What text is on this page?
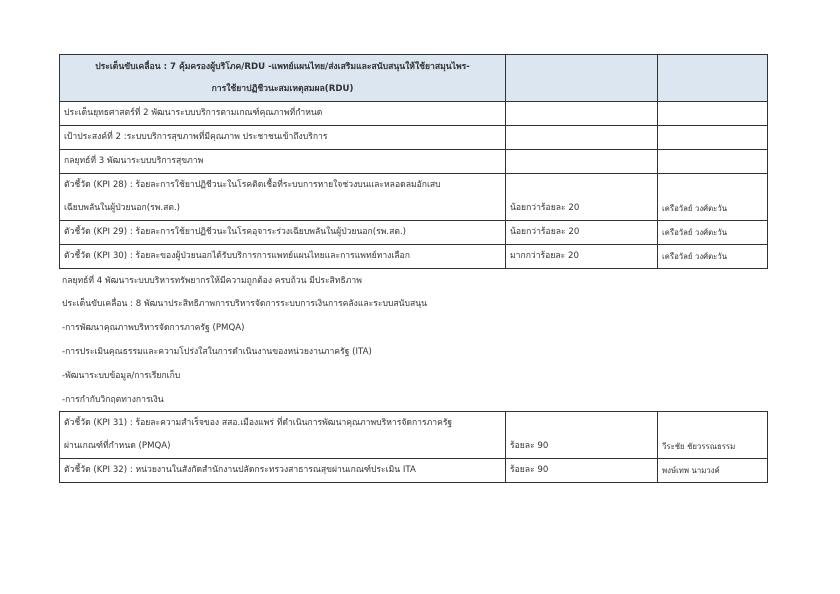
ประเด็นขับเคลื่อน : 7 คุ้มครองผู้บริโภค/RDU -แพทย์แผนไทย/ส่งเสริมและสนับสนุนให้ใช้ยาสมุนไพร-
การใช้ยาปฏิชีวนะสมเหตุสมผล(RDU)		

ประเด็นยุทธศาสตร์ที่ 2 พัฒนาระบบบริการตามเกณฑ์คุณภาพที่กำหนด		
เป้าประสงค์ที่ 2 :ระบบบริการสุขภาพที่มีคุณภาพ ประชาชนเข้าถึงบริการ		
กลยุทธ์ที่ 3 พัฒนาระบบบริการสุขภาพ		

ตัวชี้วัด (KPI 28) : ร้อยละการใช้ยาปฏิชีวนะในโรคติดเชื้อที่ระบบการหายใจช่วงบนและหลอดลมอักเสบ
เฉียบพลันในผู้ป่วยนอก(รพ.สต.)	น้อยกว่าร้อยละ 20	เครือวัลย์ วงศ์ตะวัน
ตัวชี้วัด (KPI 29) : ร้อยละการใช้ยาปฏิชีวนะในโรคอุจาระร่วงเฉียบพลันในผู้ป่วยนอก(รพ.สต.)	น้อยกว่าร้อยละ 20	เครือวัลย์ วงศ์ตะวัน
ตัวชี้วัด (KPI 30) : ร้อยละของผู้ป่วยนอกได้รับบริการการแพทย์แผนไทยและการแพทย์ทางเลือก	มากกว่าร้อยละ 20	เครือวัลย์ วงศ์ตะวัน
กลยุทธ์ที่ 4 พัฒนาระบบบริหารทรัพยากรให้มีความถูกต้อง ครบถ้วน มีประสิทธิภาพ
ประเด็นขับเคลื่อน : 8 พัฒนาประสิทธิภาพการบริหารจัดการระบบการเงินการคลังและระบบสนับสนุน
-การพัฒนาคุณภาพบริหารจัดการภาครัฐ (PMQA)
-การประเมินคุณธรรมและความโปร่งใสในการดำเนินงานของหน่วยงานภาครัฐ (ITA)
-พัฒนาระบบข้อมูล/การเรียกเก็บ
-การกำกับวิกฤตทางการเงิน
ตัวชี้วัด (KPI 31) : ร้อยละความสำเร็จของ สสอ.เมืองแพร่ ที่ดำเนินการพัฒนาคุณภาพบริหารจัดการภาครัฐ
ผ่านเกณฑ์ที่กำหนด (PMQA)	ร้อยละ 90	วีระชัย ชัยวรรณธรรม
ตัวชี้วัด (KPI 32) : หน่วยงานในสังกัดสำนักงานปลัดกระทรวงสาธารณสุขผ่านเกณฑ์ประเมิน ITA	ร้อยละ 90	พงษ์เทพ นามวงค์
